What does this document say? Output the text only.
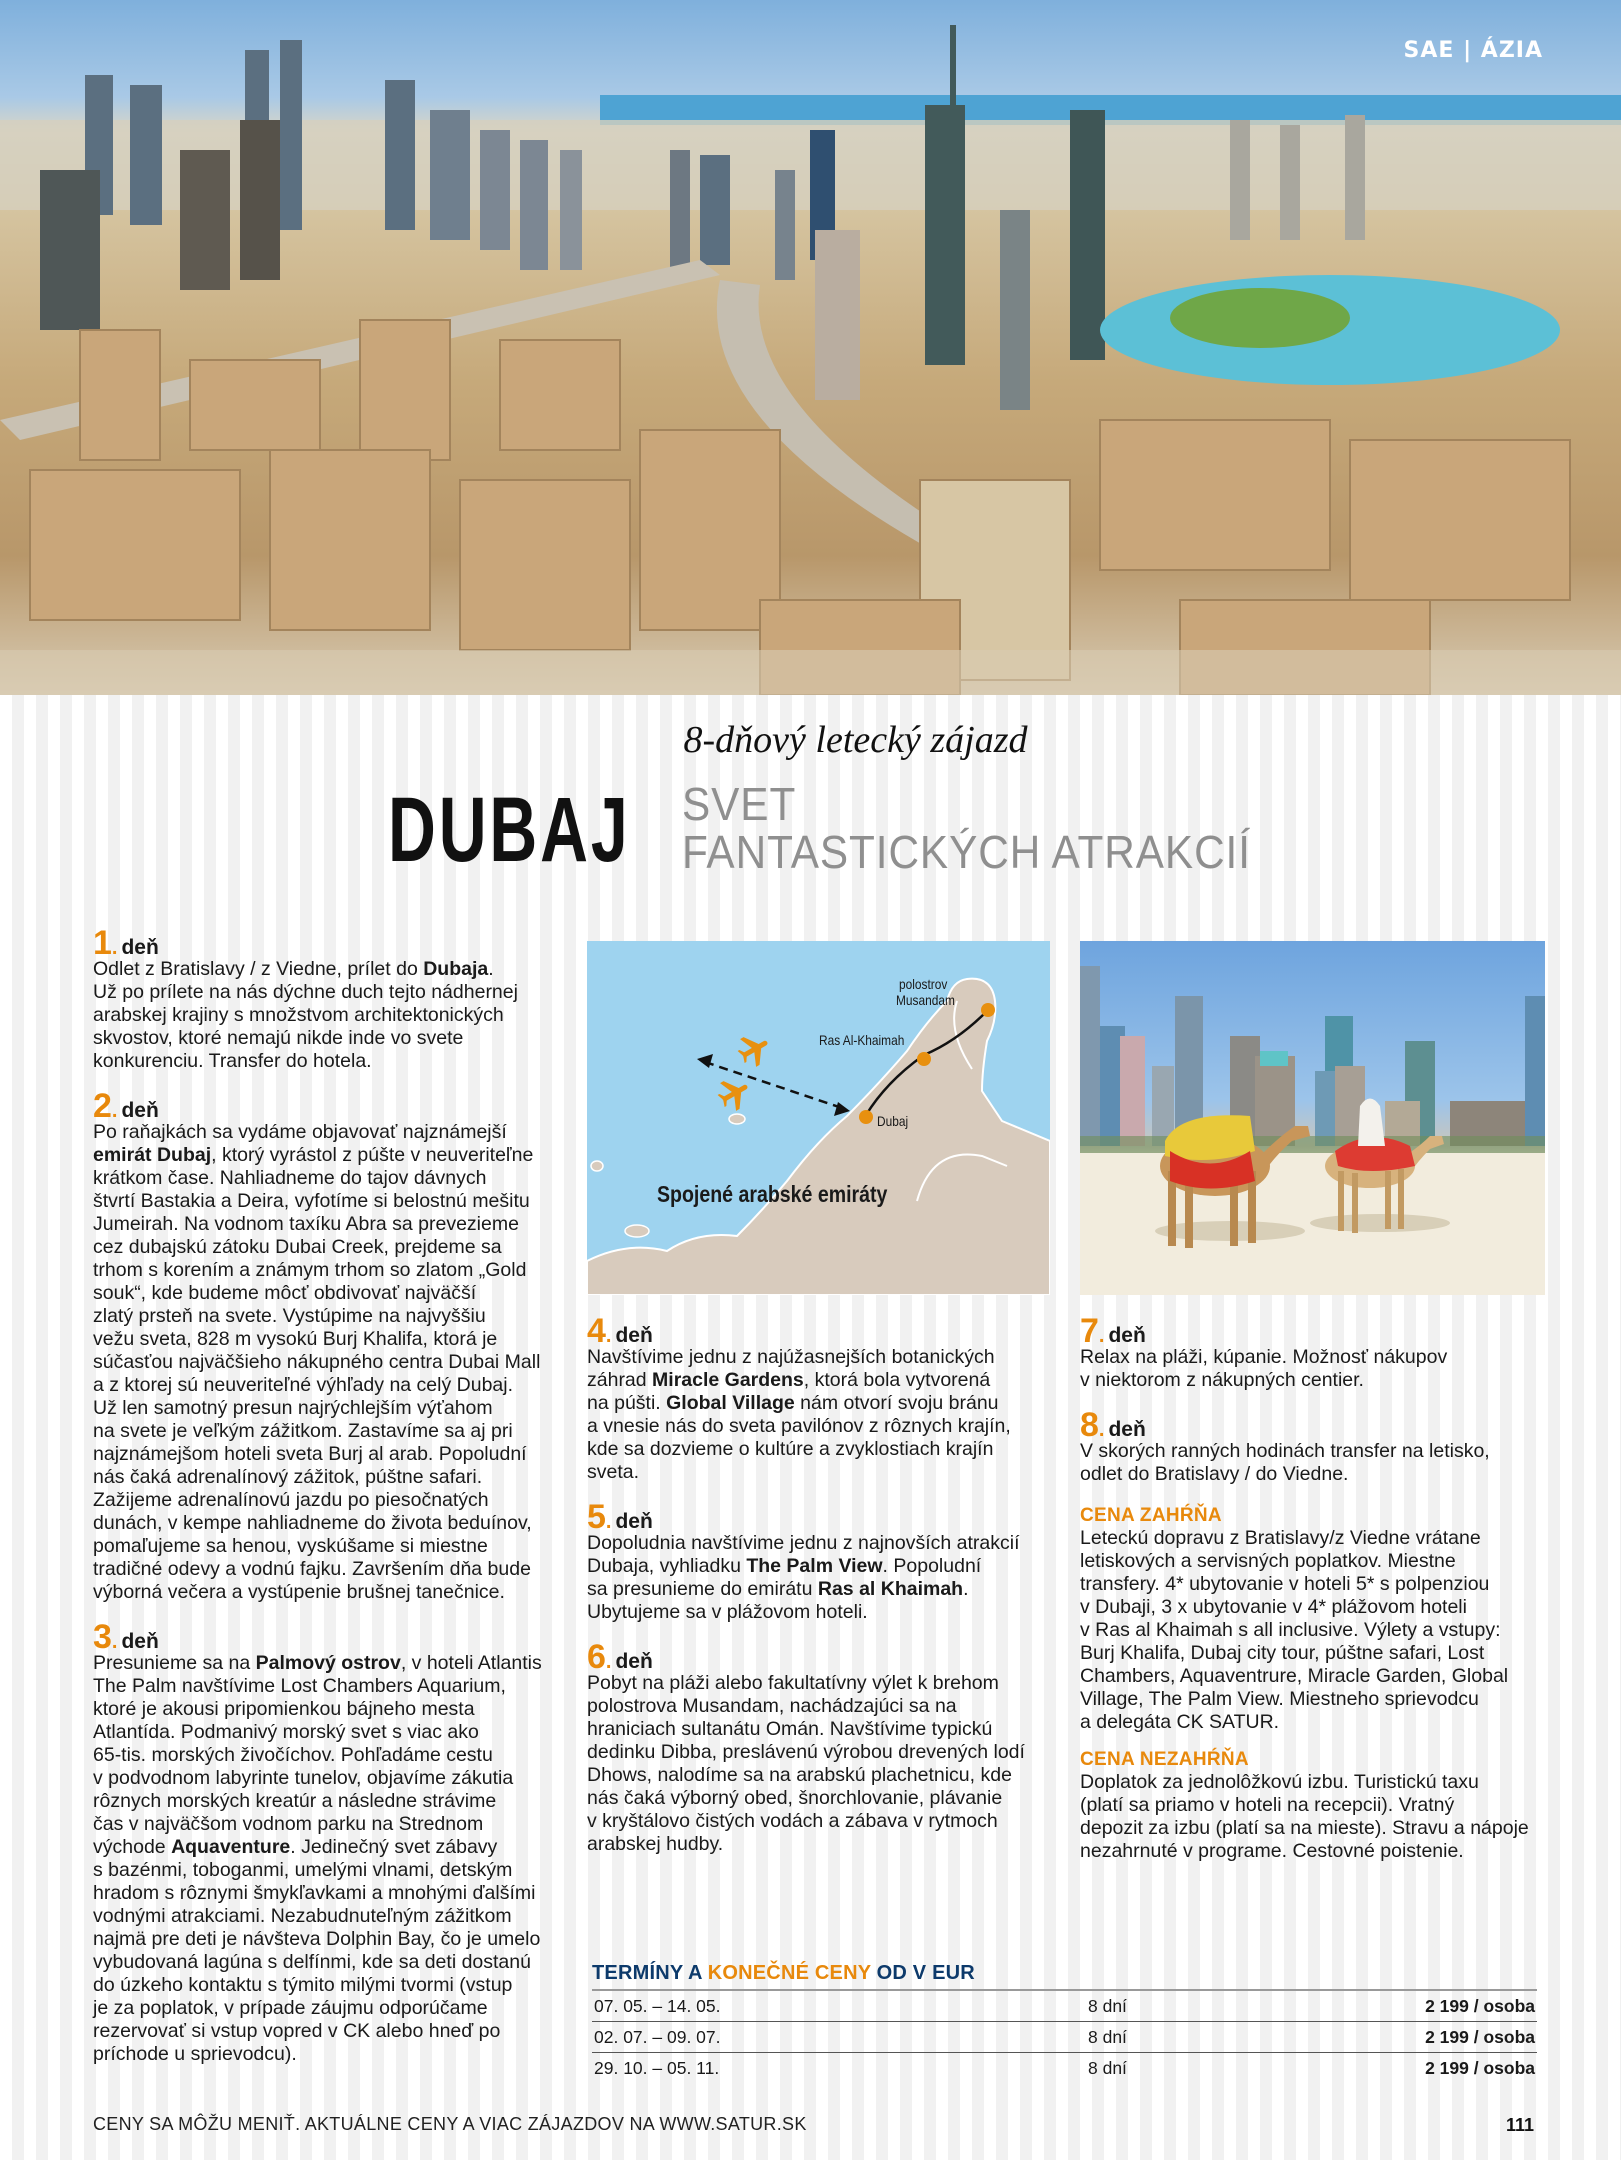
SAE | ÁZIA
8-dňový letecký zájazd
DUBAJ SVET
FANTASTICKÝCH ATRAKCIÍ
1 . deň

Odlet z Bratislavy / z Viedne, prílet do Dubaja.
Už po prílete na nás dýchne duch tejto nádhernej
arabskej krajiny s množstvom architektonických
skvostov, ktoré nemajú nikde inde vo svete
konkurenciu. Transfer do hotela.

2 . deň

Po raňajkách sa vydáme objavovať najznámejší
emirát Dubaj, ktorý vyrástol z púšte v neuveriteľne
krátkom čase. Nahliadneme do tajov dávnych
štvrtí Bastakia a Deira, vyfotíme si belostnú mešitu
Jumeirah. Na vodnom taxíku Abra sa prevezieme
cez dubajskú zátoku Dubai Creek, prejdeme sa
trhom s korením a známym trhom so zlatom „Gold
souk“, kde budeme môcť obdivovať najväčší
zlatý prsteň na svete. Vystúpime na najvyššiu
vežu sveta, 828 m vysokú Burj Khalifa, ktorá je
súčasťou najväčšieho nákupného centra Dubai Mall
a z ktorej sú neuveriteľné výhľady na celý Dubaj.
Už len samotný presun najrýchlejším výťahom
na svete je veľkým zážitkom. Zastavíme sa aj pri
najznámejšom hoteli sveta Burj al arab. Popoludní
nás čaká adrenalínový zážitok, púštne safari.
Zažijeme adrenalínovú jazdu po piesočnatých
dunách, v kempe nahliadneme do života beduínov,
pomaľujeme sa henou, vyskúšame si miestne
tradičné odevy a vodnú fajku. Završením dňa bude
výborná večera a vystúpenie brušnej tanečnice.

3 . deň

Presunieme sa na Palmový ostrov, v hoteli Atlantis
The Palm navštívime Lost Chambers Aquarium,
ktoré je akousi pripomienkou bájneho mesta
Atlantída. Podmanivý morský svet s viac ako
65-tis. morských živočíchov. Pohľadáme cestu
v podvodnom labyrinte tunelov, objavíme zákutia
rôznych morských kreatúr a následne strávime
čas v najväčšom vodnom parku na Strednom
východe Aquaventure. Jedinečný svet zábavy
s bazénmi, toboganmi, umelými vlnami, detským
hradom s rôznymi šmykľavkami a mnohými ďalšími
vodnými atrakciami. Nezabudnuteľným zážitkom
najmä pre deti je návšteva Dolphin Bay, čo je umelo
vybudovaná lagúna s delfínmi, kde sa deti dostanú
do úzkeho kontaktu s týmito milými tvormi (vstup
je za poplatok, v prípade záujmu odporúčame
rezervovať si vstup vopred v CK alebo hneď po
príchode u sprievodcu).

polostrov
Musandam
Ras Al-Khaimah
Dubaj
Spojené arabské emiráty
4 . deň

Navštívime jednu z najúžasnejších botanických
záhrad Miracle Gardens, ktorá bola vytvorená
na púšti. Global Village nám otvorí svoju bránu
a vnesie nás do sveta pavilónov z rôznych krajín,
kde sa dozvieme o kultúre a zvyklostiach krajín
sveta.

5 . deň

Dopoludnia navštívime jednu z najnovších atrakcií
Dubaja, vyhliadku The Palm View. Popoludní
sa presunieme do emirátu Ras al Khaimah.
Ubytujeme sa v plážovom hoteli.

6 . deň

Pobyt na pláži alebo fakultatívny výlet k brehom
polostrova Musandam, nachádzajúci sa na
hraniciach sultanátu Omán. Navštívime typickú
dedinku Dibba, preslávenú výrobou drevených lodí
Dhows, nalodíme sa na arabskú plachetnicu, kde
nás čaká výborný obed, šnorchlovanie, plávanie
v kryštálovo čistých vodách a zábava v rytmoch
arabskej hudby.

7 . deň

Relax na pláži, kúpanie. Možnosť nákupov
v niektorom z nákupných centier.

8 . deň

V skorých ranných hodinách transfer na letisko,
odlet do Bratislavy / do Viedne.

CENA ZAHŔŇA
Leteckú dopravu z Bratislavy/z Viedne vrátane
letiskových a servisných poplatkov. Miestne
transfery. 4* ubytovanie v hoteli 5* s polpenziou
v Dubaji, 3 x ubytovanie v 4* plážovom hoteli
v Ras al Khaimah s all inclusive. Výlety a vstupy:
Burj Khalifa, Dubaj city tour, púštne safari, Lost
Chambers, Aquaventrure, Miracle Garden, Global
Village, The Palm View. Miestneho sprievodcu
a delegáta CK SATUR.
CENA NEZAHŔŇA
Doplatok za jednolôžkovú izbu. Turistickú taxu
(platí sa priamo v hoteli na recepcii). Vratný
depozit za izbu (platí sa na mieste). Stravu a nápoje
nezahrnuté v programe. Cestovné poistenie.
TERMÍNY A KONEČNÉ CENY OD V EUR
07. 05. – 14. 05.	8 dní	2 199 / osoba
02. 07. – 09. 07.	8 dní	2 199 / osoba
29. 10. – 05. 11.	8 dní	2 199 / osoba
CENY SA MÔŽU MENIŤ. AKTUÁLNE CENY A VIAC ZÁJAZDOV NA WWW.SATUR.SK	111
